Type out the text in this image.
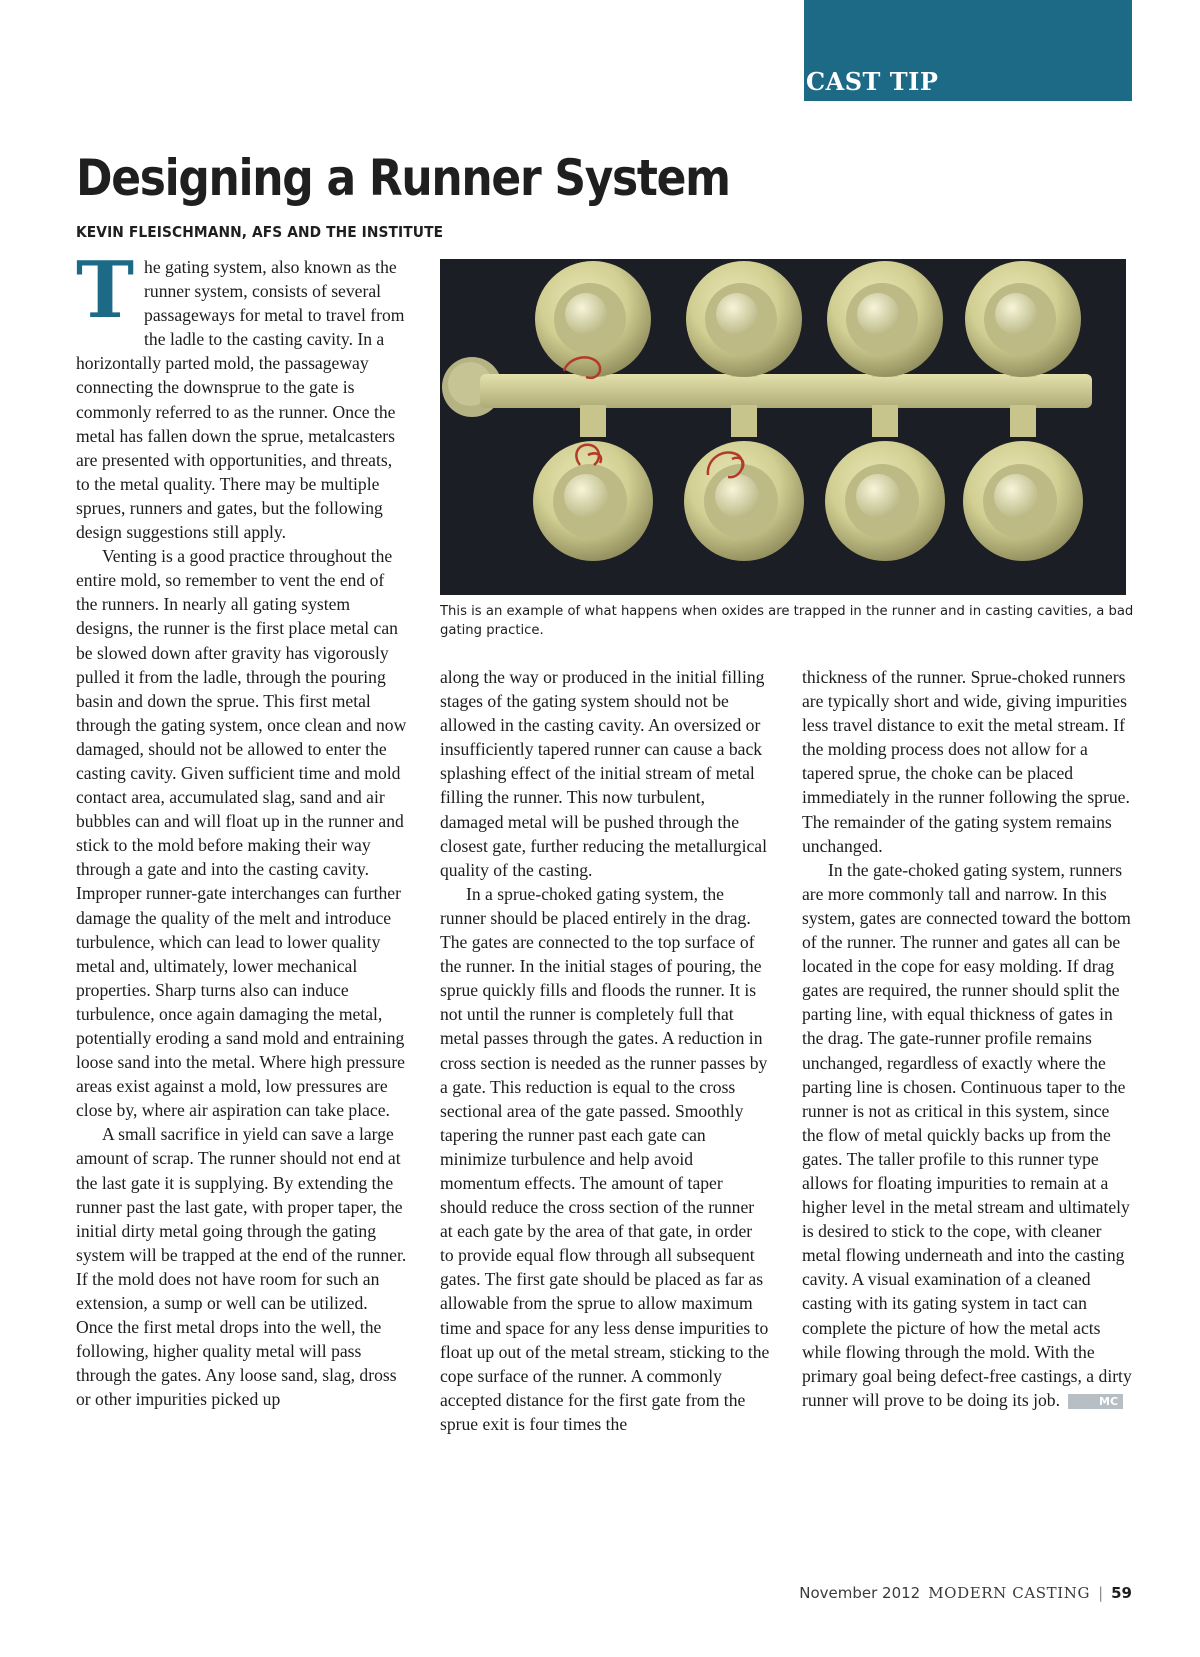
CAST TIP
Designing a Runner System
KEVIN FLEISCHMANN, AFS AND THE INSTITUTE
T he gating system, also known as the runner system, consists of several passageways for metal to travel from the ladle to the casting cavity. In a horizontally parted mold, the passageway connecting the downsprue to the gate is commonly referred to as the runner. Once the metal has fallen down the sprue, metalcasters are presented with opportunities, and threats, to the metal quality. There may be multiple sprues, runners and gates, but the following design suggestions still apply.

Venting is a good practice throughout the entire mold, so remember to vent the end of the runners. In nearly all gating system designs, the runner is the first place metal can be slowed down after gravity has vigorously pulled it from the ladle, through the pouring basin and down the sprue. This first metal through the gating system, once clean and now damaged, should not be allowed to enter the casting cavity. Given sufficient time and mold contact area, accumulated slag, sand and air bubbles can and will float up in the runner and stick to the mold before making their way through a gate and into the casting cavity. Improper runner-gate interchanges can further damage the quality of the melt and introduce turbulence, which can lead to lower quality metal and, ultimately, lower mechanical properties. Sharp turns also can induce turbulence, once again damaging the metal, potentially eroding a sand mold and entraining loose sand into the metal. Where high pressure areas exist against a mold, low pressures are close by, where air aspiration can take place.

A small sacrifice in yield can save a large amount of scrap. The runner should not end at the last gate it is supplying. By extending the runner past the last gate, with proper taper, the initial dirty metal going through the gating system will be trapped at the end of the runner. If the mold does not have room for such an extension, a sump or well can be utilized. Once the first metal drops into the well, the following, higher quality metal will pass through the gates. Any loose sand, slag, dross or other impurities picked up

This is an example of what happens when oxides are trapped in the runner and in casting cavities, a bad gating practice.

along the way or produced in the initial filling stages of the gating system should not be allowed in the casting cavity. An oversized or insufficiently tapered runner can cause a back splashing effect of the initial stream of metal filling the runner. This now turbulent, damaged metal will be pushed through the closest gate, further reducing the metallurgical quality of the casting.

In a sprue-choked gating system, the runner should be placed entirely in the drag. The gates are connected to the top surface of the runner. In the initial stages of pouring, the sprue quickly fills and floods the runner. It is not until the runner is completely full that metal passes through the gates. A reduction in cross section is needed as the runner passes by a gate. This reduction is equal to the cross sectional area of the gate passed. Smoothly tapering the runner past each gate can minimize turbulence and help avoid momentum effects. The amount of taper should reduce the cross section of the runner at each gate by the area of that gate, in order to provide equal flow through all subsequent gates. The first gate should be placed as far as allowable from the sprue to allow maximum time and space for any less dense impurities to float up out of the metal stream, sticking to the cope surface of the runner. A commonly accepted distance for the first gate from the sprue exit is four times the

thickness of the runner. Sprue-choked runners are typically short and wide, giving impurities less travel distance to exit the metal stream. If the molding process does not allow for a tapered sprue, the choke can be placed immediately in the runner following the sprue. The remainder of the gating system remains unchanged.

In the gate-choked gating system, runners are more commonly tall and narrow. In this system, gates are connected toward the bottom of the runner. The runner and gates all can be located in the cope for easy molding. If drag gates are required, the runner should split the parting line, with equal thickness of gates in the drag. The gate-runner profile remains unchanged, regardless of exactly where the parting line is chosen. Continuous taper to the runner is not as critical in this system, since the flow of metal quickly backs up from the gates. The taller profile to this runner type allows for floating impurities to remain at a higher level in the metal stream and ultimately is desired to stick to the cope, with cleaner metal flowing underneath and into the casting cavity. A visual examination of a cleaned casting with its gating system in tact can complete the picture of how the metal acts while flowing through the mold. With the primary goal being defect-free castings, a dirty runner will prove to be doing its job.	MC

November 2012 MODERN CASTING | 59
